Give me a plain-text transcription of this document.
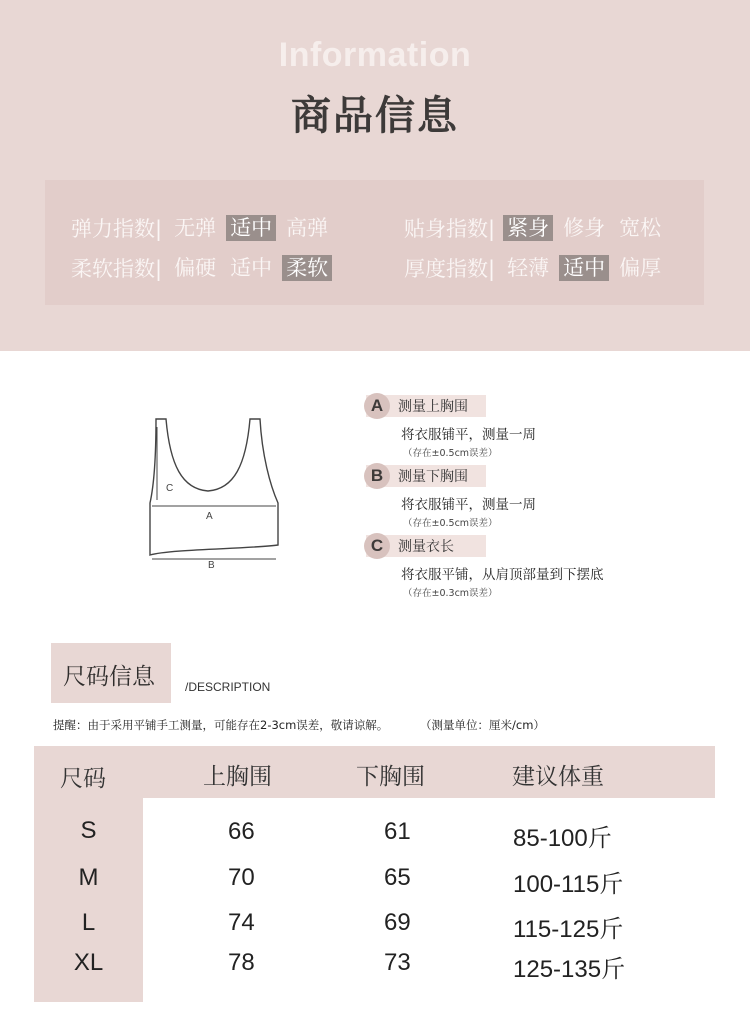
Information
商品信息
弹力指数| 无弹 适中 高弹	贴身指数| 紧身 修身 宽松
柔软指数| 偏硬 适中 柔软	厚度指数| 轻薄 适中 偏厚
A
C
B
A	测量上胸围
将衣服铺平，测量一周
（存在±0.5cm误差）
B	测量下胸围
将衣服铺平，测量一周
（存在±0.5cm误差）
C	测量衣长
将衣服平铺，从肩顶部量到下摆底
（存在±0.3cm误差）
尺码信息	/DESCRIPTION
提醒：由于采用平铺手工测量，可能存在2-3cm误差，敬请谅解。	（测量单位：厘米/cm）
尺码	上胸围	下胸围	建议体重
S	66	61	85-100斤
M	70	65	100-115斤
L	74	69	115-125斤
XL	78	73	125-135斤
